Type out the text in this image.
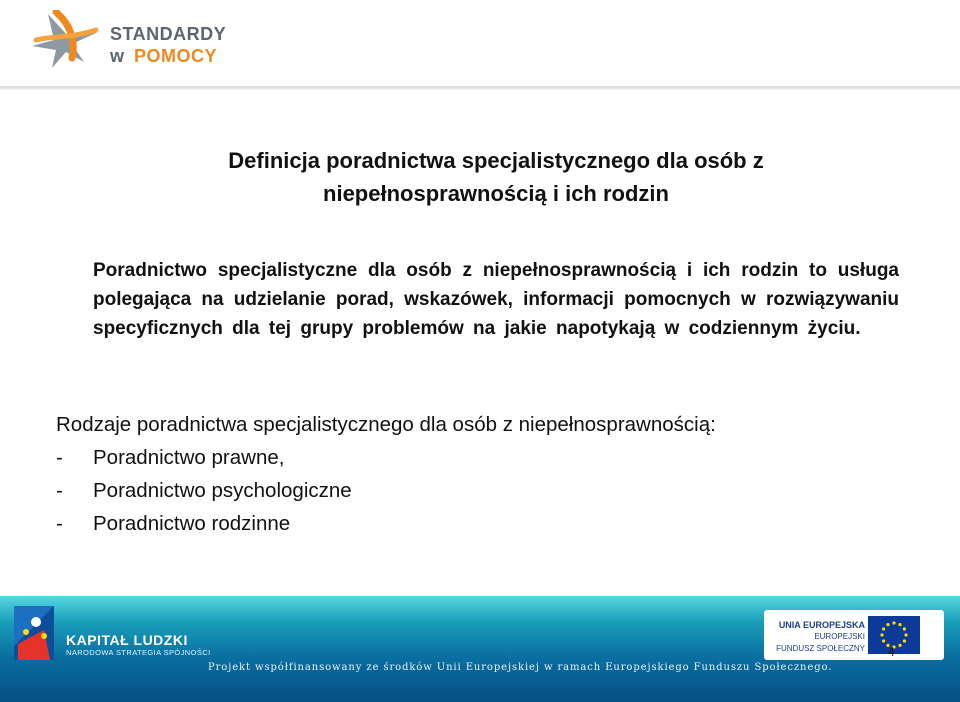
STANDARDY
w POMOCY
Definicja poradnictwa specjalistycznego dla osób z niepełnosprawnością i ich rodzin
Poradnictwo specjalistyczne dla osób z niepełnosprawnością i ich rodzin to usługa polegająca na udzielanie porad, wskazówek, informacji pomocnych w rozwiązywaniu specyficznych dla tej grupy problemów na jakie napotykają w codziennym życiu.
Rodzaje poradnictwa specjalistycznego dla osób z niepełnosprawnością:
- Poradnictwo prawne,
- Poradnictwo psychologiczne
- Poradnictwo rodzinne
KAPITAŁ LUDZKI
NARODOWA STRATEGIA SPÓJNOŚCI
UNIA EUROPEJSKA
EUROPEJSKI
FUNDUSZ SPOŁECZNY
Projekt współfinansowany ze środków Unii Europejskiej w ramach Europejskiego Funduszu Społecznego.
4
